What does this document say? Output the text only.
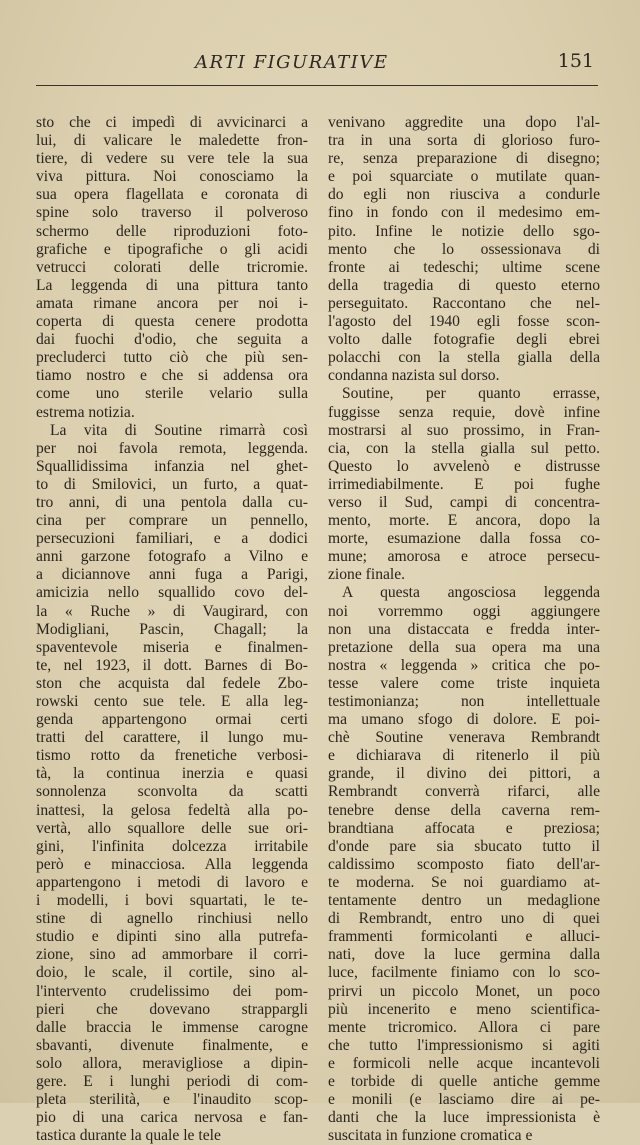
ARTI FIGURATIVE	151
sto che ci impedì di avvicinarci a
lui, di valicare le maledette fron-
tiere, di vedere su vere tele la sua
viva pittura. Noi conosciamo la
sua opera flagellata e coronata di
spine solo traverso il polveroso
schermo delle riproduzioni foto-
grafiche e tipografiche o gli acidi
vetrucci colorati delle tricromie.
La leggenda di una pittura tanto
amata rimane ancora per noi i-
coperta di questa cenere prodotta
dai fuochi d'odio, che seguita a
precluderci tutto ciò che più sen-
tiamo nostro e che si addensa ora
come uno sterile velario sulla
estrema notizia.
La vita di Soutine rimarrà così
per noi favola remota, leggenda.
Squallidissima infanzia nel ghet-
to di Smilovici, un furto, a quat-
tro anni, di una pentola dalla cu-
cina per comprare un pennello,
persecuzioni familiari, e a dodici
anni garzone fotografo a Vilno e
a diciannove anni fuga a Parigi,
amicizia nello squallido covo del-
la « Ruche » di Vaugirard, con
Modigliani, Pascin, Chagall; la
spaventevole miseria e finalmen-
te, nel 1923, il dott. Barnes di Bo-
ston che acquista dal fedele Zbo-
rowski cento sue tele. E alla leg-
genda appartengono ormai certi
tratti del carattere, il lungo mu-
tismo rotto da frenetiche verbosi-
tà, la continua inerzia e quasi
sonnolenza sconvolta da scatti
inattesi, la gelosa fedeltà alla po-
vertà, allo squallore delle sue ori-
gini, l'infinita dolcezza irritabile
però e minacciosa. Alla leggenda
appartengono i metodi di lavoro e
i modelli, i bovi squartati, le te-
stine di agnello rinchiusi nello
studio e dipinti sino alla putrefa-
zione, sino ad ammorbare il corri-
doio, le scale, il cortile, sino al-
l'intervento crudelissimo dei pom-
pieri che dovevano strappargli
dalle braccia le immense carogne
sbavanti, divenute finalmente, e
solo allora, meravigliose a dipin-
gere. E i lunghi periodi di com-
pleta sterilità, e l'inaudito scop-
pio di una carica nervosa e fan-
tastica durante la quale le tele
venivano aggredite una dopo l'al-
tra in una sorta di glorioso furo-
re, senza preparazione di disegno;
e poi squarciate o mutilate quan-
do egli non riusciva a condurle
fino in fondo con il medesimo em-
pito. Infine le notizie dello sgo-
mento che lo ossessionava di
fronte ai tedeschi; ultime scene
della tragedia di questo eterno
perseguitato. Raccontano che nel-
l'agosto del 1940 egli fosse scon-
volto dalle fotografie degli ebrei
polacchi con la stella gialla della
condanna nazista sul dorso.
Soutine, per quanto errasse,
fuggisse senza requie, dovè infine
mostrarsi al suo prossimo, in Fran-
cia, con la stella gialla sul petto.
Questo lo avvelenò e distrusse
irrimediabilmente. E poi fughe
verso il Sud, campi di concentra-
mento, morte. E ancora, dopo la
morte, esumazione dalla fossa co-
mune; amorosa e atroce persecu-
zione finale.
A questa angosciosa leggenda
noi vorremmo oggi aggiungere
non una distaccata e fredda inter-
pretazione della sua opera ma una
nostra « leggenda » critica che po-
tesse valere come triste inquieta
testimonianza; non intellettuale
ma umano sfogo di dolore. E poi-
chè Soutine venerava Rembrandt
e dichiarava di ritenerlo il più
grande, il divino dei pittori, a
Rembrandt converrà rifarci, alle
tenebre dense della caverna rem-
brandtiana affocata e preziosa;
d'onde pare sia sbucato tutto il
caldissimo scomposto fiato dell'ar-
te moderna. Se noi guardiamo at-
tentamente dentro un medaglione
di Rembrandt, entro uno di quei
frammenti formicolanti e alluci-
nati, dove la luce germina dalla
luce, facilmente finiamo con lo sco-
prirvi un piccolo Monet, un poco
più incenerito e meno scientifica-
mente tricromico. Allora ci pare
che tutto l'impressionismo si agiti
e formicoli nelle acque incantevoli
e torbide di quelle antiche gemme
e monili (e lasciamo dire ai pe-
danti che la luce impressionista è
suscitata in funzione cromatica e
